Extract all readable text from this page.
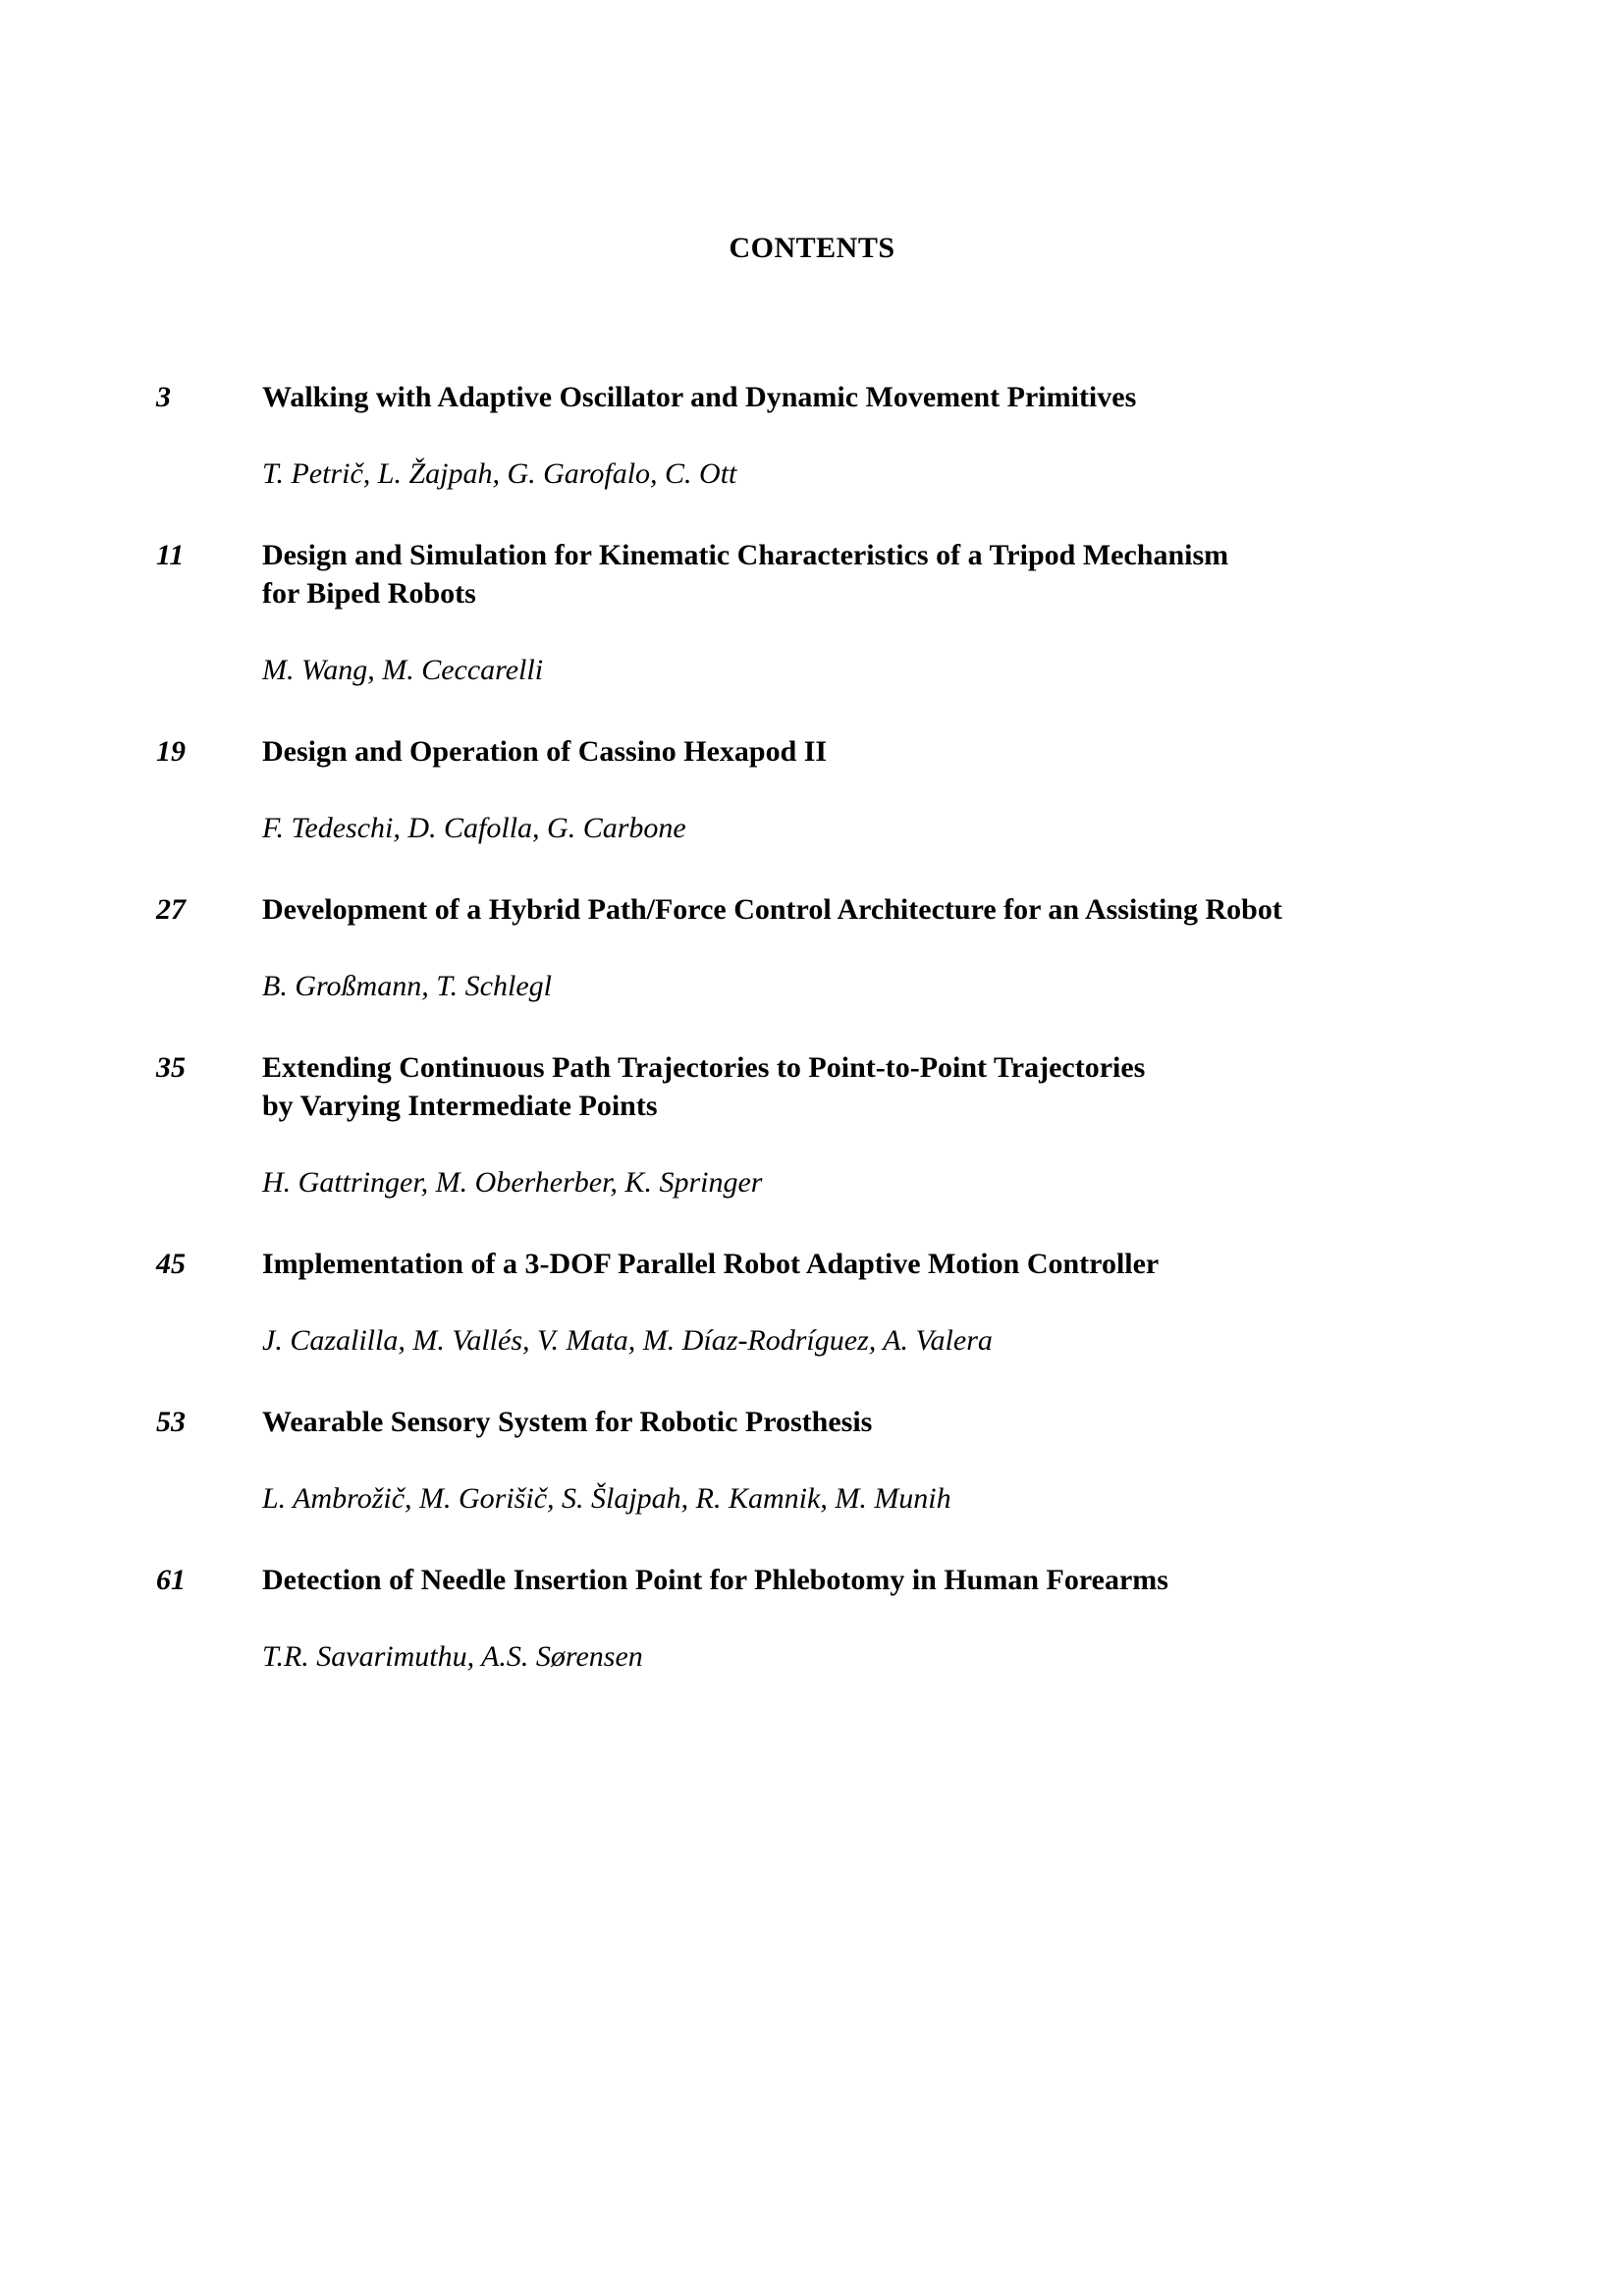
CONTENTS
3	Walking with Adaptive Oscillator and Dynamic Movement Primitives
T. Petrič, L. Žajpah, G. Garofalo, C. Ott
11	Design and Simulation for Kinematic Characteristics of a Tripod Mechanism
for Biped Robots
M. Wang, M. Ceccarelli
19	Design and Operation of Cassino Hexapod II
F. Tedeschi, D. Cafolla, G. Carbone
27	Development of a Hybrid Path/Force Control Architecture for an Assisting Robot
B. Großmann, T. Schlegl
35	Extending Continuous Path Trajectories to Point-to-Point Trajectories
by Varying Intermediate Points
H. Gattringer, M. Oberherber, K. Springer
45	Implementation of a 3-DOF Parallel Robot Adaptive Motion Controller
J. Cazalilla, M. Vallés, V. Mata, M. Díaz-Rodríguez, A. Valera
53	Wearable Sensory System for Robotic Prosthesis
L. Ambrožič, M. Gorišič, S. Šlajpah, R. Kamnik, M. Munih
61	Detection of Needle Insertion Point for Phlebotomy in Human Forearms
T.R. Savarimuthu, A.S. Sørensen
